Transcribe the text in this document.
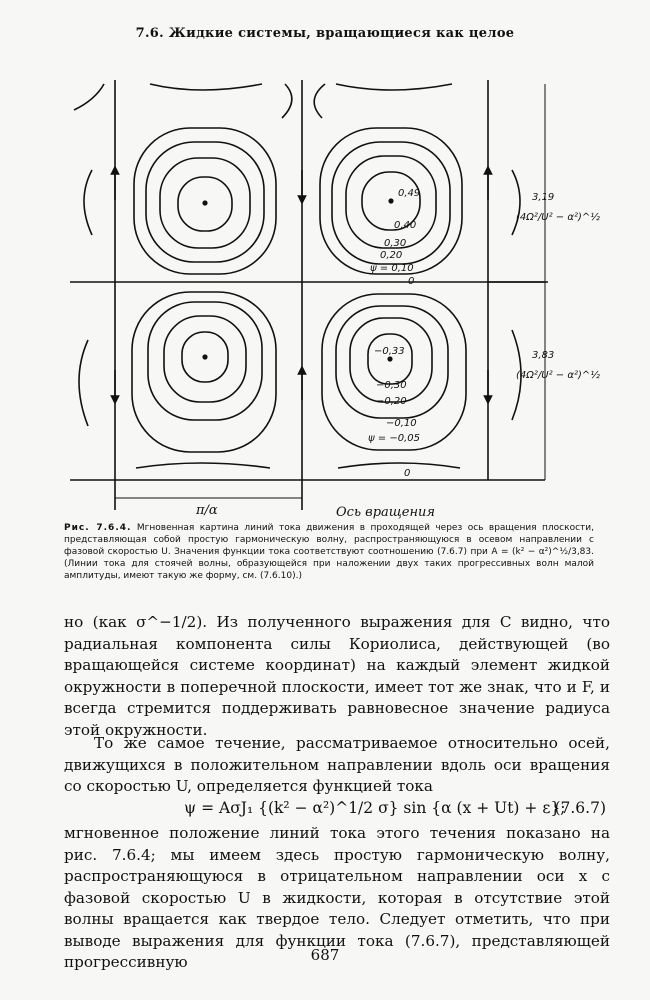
7.6. Жидкие системы, вращающиеся как целое
0,49
0,40
0,30
0,20
ψ = 0,10
0
−0,33
−0,30
−0,20
−0,10
ψ = −0,05
0
3,19
(4Ω²/U² − α²)^½
3,83
(4Ω²/U² − α²)^½
π/α	Ось вращения
Рис. 7.6.4. Мгновенная картина линий тока движения в проходящей через ось вращения плоскости, представляющая собой простую гармоническую волну, распространяющуюся в осевом направлении с фазовой скоростью U. Значения функции тока соответствуют соотношению (7.6.7) при A = (k² − α²)^½/3,83. (Линии тока для стоячей волны, образующейся при наложении двух таких прогрессивных волн малой амплитуды, имеют такую же форму, см. (7.6.10).)
но (как σ^−1/2). Из полученного выражения для C видно, что радиальная компонента силы Кориолиса, действующей (во вращающейся системе координат) на каждый элемент жидкой окружности в поперечной плоскости, имеет тот же знак, что и F, и всегда стремится поддерживать равновесное значение радиуса этой окружности.
То же самое течение, рассматриваемое относительно осей, движущихся в положительном направлении вдоль оси вращения со скоростью U, определяется функцией тока
ψ = AσJ₁ {(k² − α²)^1/2 σ} sin {α (x + Ut) + ε};
(7.6.7)
мгновенное положение линий тока этого течения показано на рис. 7.6.4; мы имеем здесь простую гармоническую волну, распространяющуюся в отрицательном направлении оси x с фазовой скоростью U в жидкости, которая в отсутствие этой волны вращается как твердое тело. Следует отметить, что при выводе выражения для функции тока (7.6.7), представляющей прогрессивную	687
